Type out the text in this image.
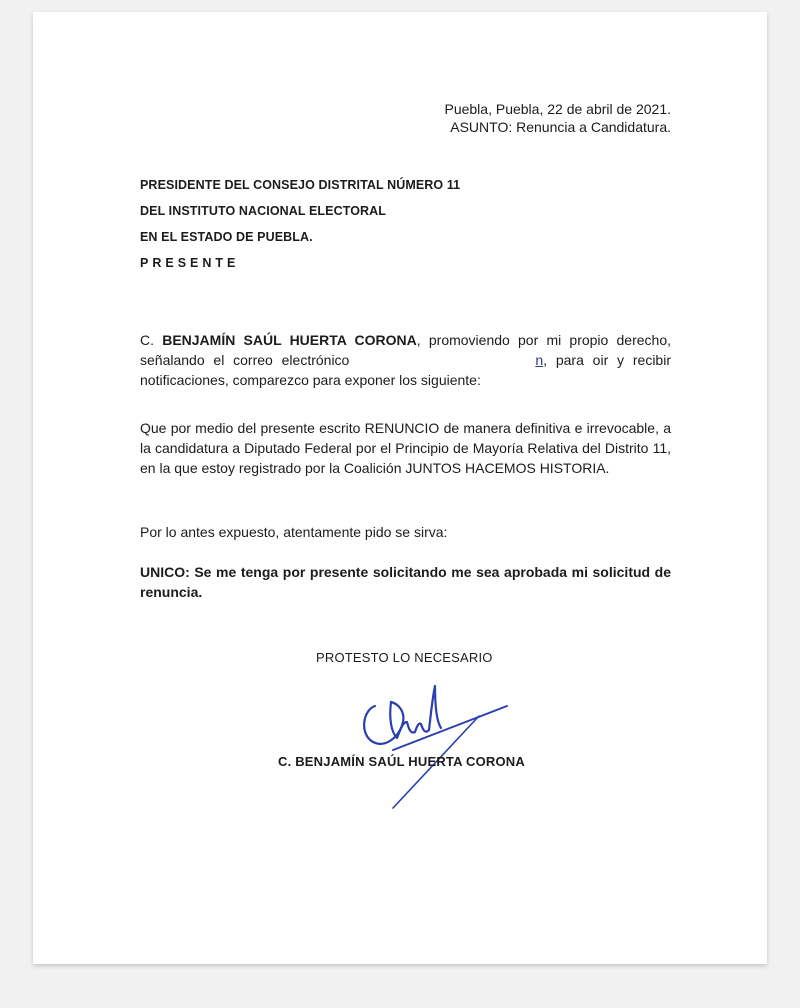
Puebla, Puebla, 22 de abril de 2021.
ASUNTO: Renuncia a Candidatura.
PRESIDENTE DEL CONSEJO DISTRITAL NÚMERO 11
DEL INSTITUTO NACIONAL ELECTORAL
EN EL ESTADO DE PUEBLA.
PRESENTE
C. BENJAMÍN SAÚL HUERTA CORONA, promoviendo por mi propio derecho, señalando el correo electrónico	n, para oir y recibir notificaciones, comparezco para exponer los siguiente:
Que por medio del presente escrito RENUNCIO de manera definitiva e irrevocable, a la candidatura a Diputado Federal por el Principio de Mayoría Relativa del Distrito 11, en la que estoy registrado por la Coalición JUNTOS HACEMOS HISTORIA.
Por lo antes expuesto, atentamente pido se sirva:
UNICO: Se me tenga por presente solicitando me sea aprobada mi solicitud de renuncia.
PROTESTO LO NECESARIO
C. BENJAMÍN SAÚL HUERTA CORONA
